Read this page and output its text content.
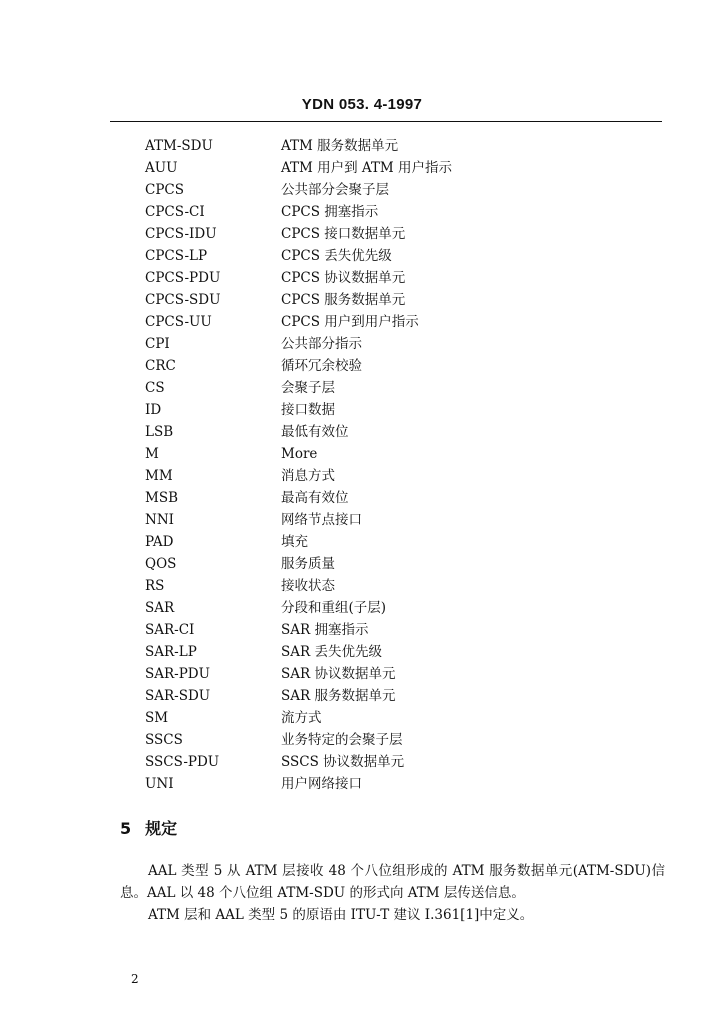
YDN 053. 4-1997
ATM-SDU	ATM 服务数据单元
AUU	ATM 用户到 ATM 用户指示
CPCS	公共部分会聚子层
CPCS-CI	CPCS 拥塞指示
CPCS-IDU	CPCS 接口数据单元
CPCS-LP	CPCS 丢失优先级
CPCS-PDU	CPCS 协议数据单元
CPCS-SDU	CPCS 服务数据单元
CPCS-UU	CPCS 用户到用户指示
CPI	公共部分指示
CRC	循环冗余校验
CS	会聚子层
ID	接口数据
LSB	最低有效位
M	More
MM	消息方式
MSB	最高有效位
NNI	网络节点接口
PAD	填充
QOS	服务质量
RS	接收状态
SAR	分段和重组(子层)
SAR-CI	SAR 拥塞指示
SAR-LP	SAR 丢失优先级
SAR-PDU	SAR 协议数据单元
SAR-SDU	SAR 服务数据单元
SM	流方式
SSCS	业务特定的会聚子层
SSCS-PDU	SSCS 协议数据单元
UNI	用户网络接口
5 规定

AAL 类型 5 从 ATM 层接收 48 个八位组形成的 ATM 服务数据单元(ATM-SDU)信息。AAL 以 48 个八位组 ATM-SDU 的形式向 ATM 层传送信息。

ATM 层和 AAL 类型 5 的原语由 ITU-T 建议 I.361[1]中定义。

2
